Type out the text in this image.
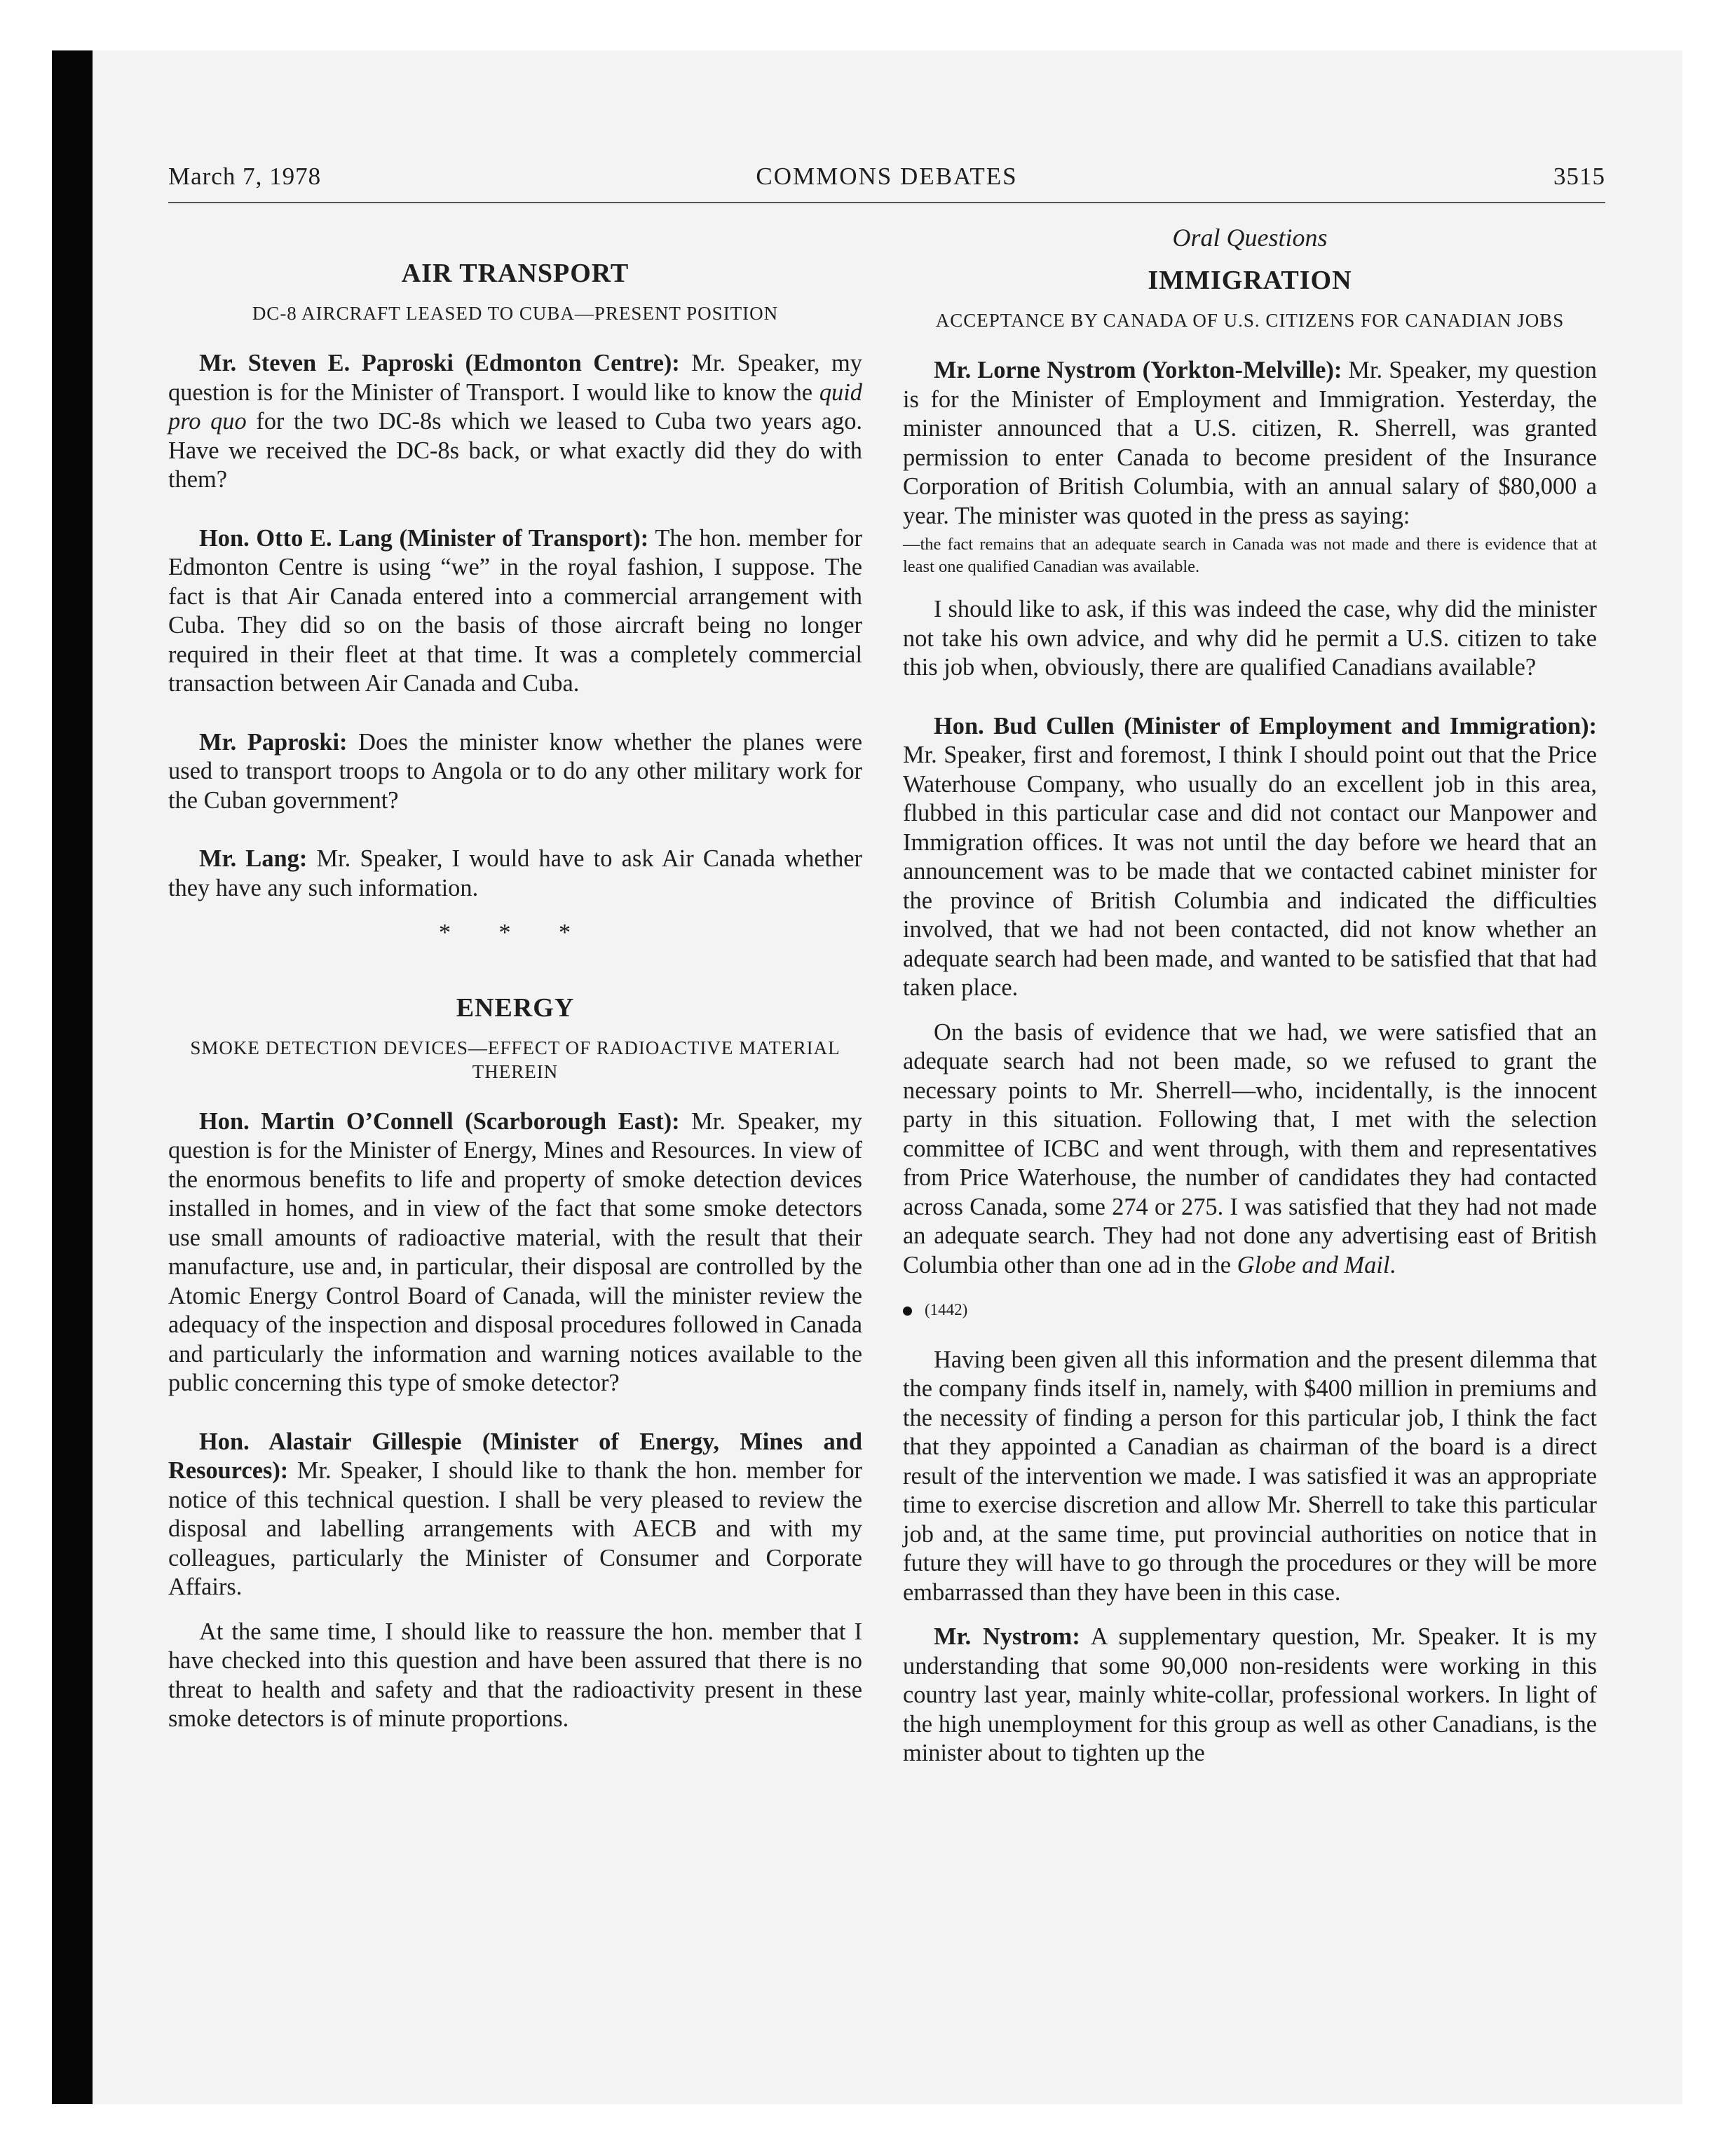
March 7, 1978	COMMONS DEBATES	3515
AIR TRANSPORT
DC-8 AIRCRAFT LEASED TO CUBA—PRESENT POSITION

Mr. Steven E. Paproski (Edmonton Centre): Mr. Speaker, my question is for the Minister of Transport. I would like to know the quid pro quo for the two DC-8s which we leased to Cuba two years ago. Have we received the DC-8s back, or what exactly did they do with them?

Hon. Otto E. Lang (Minister of Transport): The hon. member for Edmonton Centre is using “we” in the royal fashion, I suppose. The fact is that Air Canada entered into a commercial arrangement with Cuba. They did so on the basis of those aircraft being no longer required in their fleet at that time. It was a completely commercial transaction between Air Canada and Cuba.

Mr. Paproski: Does the minister know whether the planes were used to transport troops to Angola or to do any other military work for the Cuban government?

Mr. Lang: Mr. Speaker, I would have to ask Air Canada whether they have any such information.

* * *
ENERGY
SMOKE DETECTION DEVICES—EFFECT OF RADIOACTIVE MATERIAL THEREIN

Hon. Martin O’Connell (Scarborough East): Mr. Speaker, my question is for the Minister of Energy, Mines and Resources. In view of the enormous benefits to life and property of smoke detection devices installed in homes, and in view of the fact that some smoke detectors use small amounts of radioactive material, with the result that their manufacture, use and, in particular, their disposal are controlled by the Atomic Energy Control Board of Canada, will the minister review the adequacy of the inspection and disposal procedures followed in Canada and particularly the information and warning notices available to the public concerning this type of smoke detector?

Hon. Alastair Gillespie (Minister of Energy, Mines and Resources): Mr. Speaker, I should like to thank the hon. member for notice of this technical question. I shall be very pleased to review the disposal and labelling arrangements with AECB and with my colleagues, particularly the Minister of Consumer and Corporate Affairs.

At the same time, I should like to reassure the hon. member that I have checked into this question and have been assured that there is no threat to health and safety and that the radioactivity present in these smoke detectors is of minute proportions.

Oral Questions
IMMIGRATION
ACCEPTANCE BY CANADA OF U.S. CITIZENS FOR CANADIAN JOBS

Mr. Lorne Nystrom (Yorkton-Melville): Mr. Speaker, my question is for the Minister of Employment and Immigration. Yesterday, the minister announced that a U.S. citizen, R. Sherrell, was granted permission to enter Canada to become president of the Insurance Corporation of British Columbia, with an annual salary of $80,000 a year. The minister was quoted in the press as saying:

—the fact remains that an adequate search in Canada was not made and there is evidence that at least one qualified Canadian was available.

I should like to ask, if this was indeed the case, why did the minister not take his own advice, and why did he permit a U.S. citizen to take this job when, obviously, there are qualified Canadians available?

Hon. Bud Cullen (Minister of Employment and Immigration): Mr. Speaker, first and foremost, I think I should point out that the Price Waterhouse Company, who usually do an excellent job in this area, flubbed in this particular case and did not contact our Manpower and Immigration offices. It was not until the day before we heard that an announcement was to be made that we contacted cabinet minister for the province of British Columbia and indicated the difficulties involved, that we had not been contacted, did not know whether an adequate search had been made, and wanted to be satisfied that that had taken place.

On the basis of evidence that we had, we were satisfied that an adequate search had not been made, so we refused to grant the necessary points to Mr. Sherrell—who, incidentally, is the innocent party in this situation. Following that, I met with the selection committee of ICBC and went through, with them and representatives from Price Waterhouse, the number of candidates they had contacted across Canada, some 274 or 275. I was satisfied that they had not made an adequate search. They had not done any advertising east of British Columbia other than one ad in the Globe and Mail.

(1442)

Having been given all this information and the present dilemma that the company finds itself in, namely, with $400 million in premiums and the necessity of finding a person for this particular job, I think the fact that they appointed a Canadian as chairman of the board is a direct result of the intervention we made. I was satisfied it was an appropriate time to exercise discretion and allow Mr. Sherrell to take this particular job and, at the same time, put provincial authorities on notice that in future they will have to go through the procedures or they will be more embarrassed than they have been in this case.

Mr. Nystrom: A supplementary question, Mr. Speaker. It is my understanding that some 90,000 non-residents were working in this country last year, mainly white-collar, professional workers. In light of the high unemployment for this group as well as other Canadians, is the minister about to tighten up the
